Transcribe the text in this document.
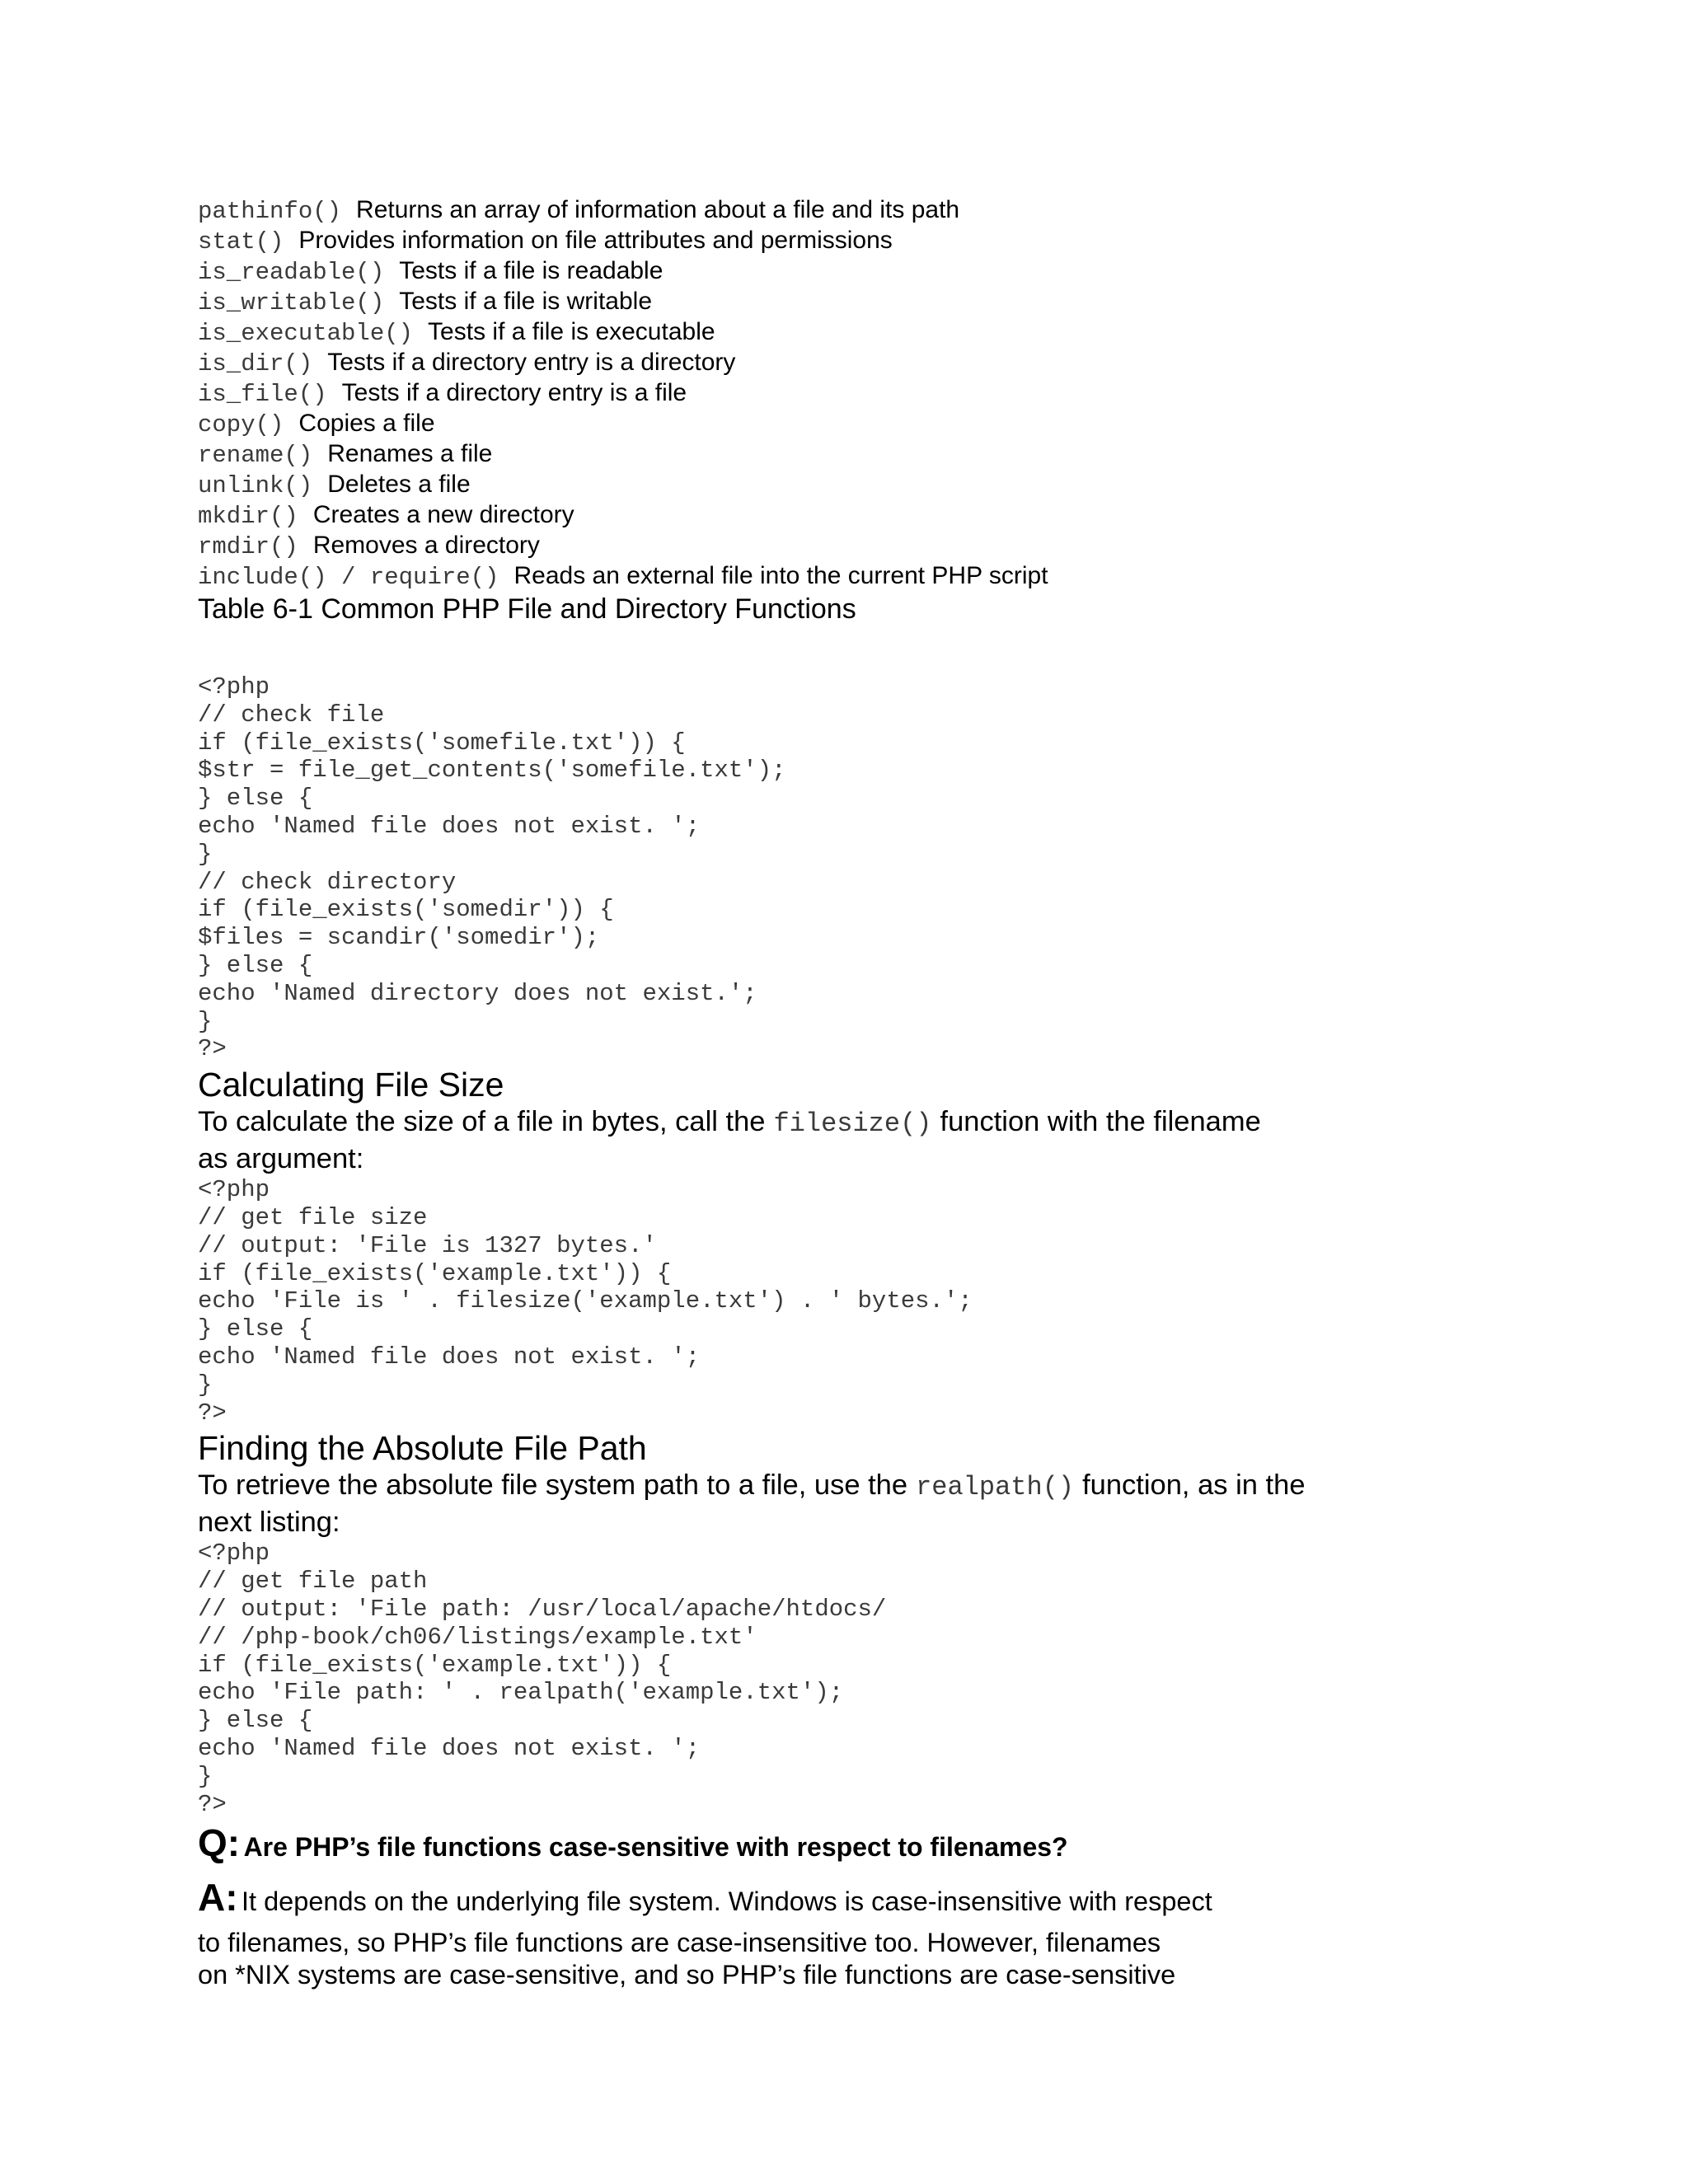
pathinfo() Returns an array of information about a file and its path
stat() Provides information on file attributes and permissions
is_readable() Tests if a file is readable
is_writable() Tests if a file is writable
is_executable() Tests if a file is executable
is_dir() Tests if a directory entry is a directory
is_file() Tests if a directory entry is a file
copy() Copies a file
rename() Renames a file
unlink() Deletes a file
mkdir() Creates a new directory
rmdir() Removes a directory
include() / require() Reads an external file into the current PHP script
Table 6-1 Common PHP File and Directory Functions
<?php
// check file
if (file_exists('somefile.txt')) {
$str = file_get_contents('somefile.txt');
} else {
echo 'Named file does not exist. ';
}
// check directory
if (file_exists('somedir')) {
$files = scandir('somedir');
} else {
echo 'Named directory does not exist.';
}
?>
Calculating File Size

To calculate the size of a file in bytes, call the filesize() function with the filename
as argument:

<?php
// get file size
// output: 'File is 1327 bytes.'
if (file_exists('example.txt')) {
echo 'File is ' . filesize('example.txt') . ' bytes.';
} else {
echo 'Named file does not exist. ';
}
?>
Finding the Absolute File Path

To retrieve the absolute file system path to a file, use the realpath() function, as in the
next listing:

<?php
// get file path
// output: 'File path: /usr/local/apache/htdocs/
// /php-book/ch06/listings/example.txt'
if (file_exists('example.txt')) {
echo 'File path: ' . realpath('example.txt');
} else {
echo 'Named file does not exist. ';
}
?>
Q: Are PHP’s file functions case-sensitive with respect to filenames?
A: It depends on the underlying file system. Windows is case-insensitive with respect
to filenames, so PHP’s file functions are case-insensitive too. However, filenames
on *NIX systems are case-sensitive, and so PHP’s file functions are case-sensitive
